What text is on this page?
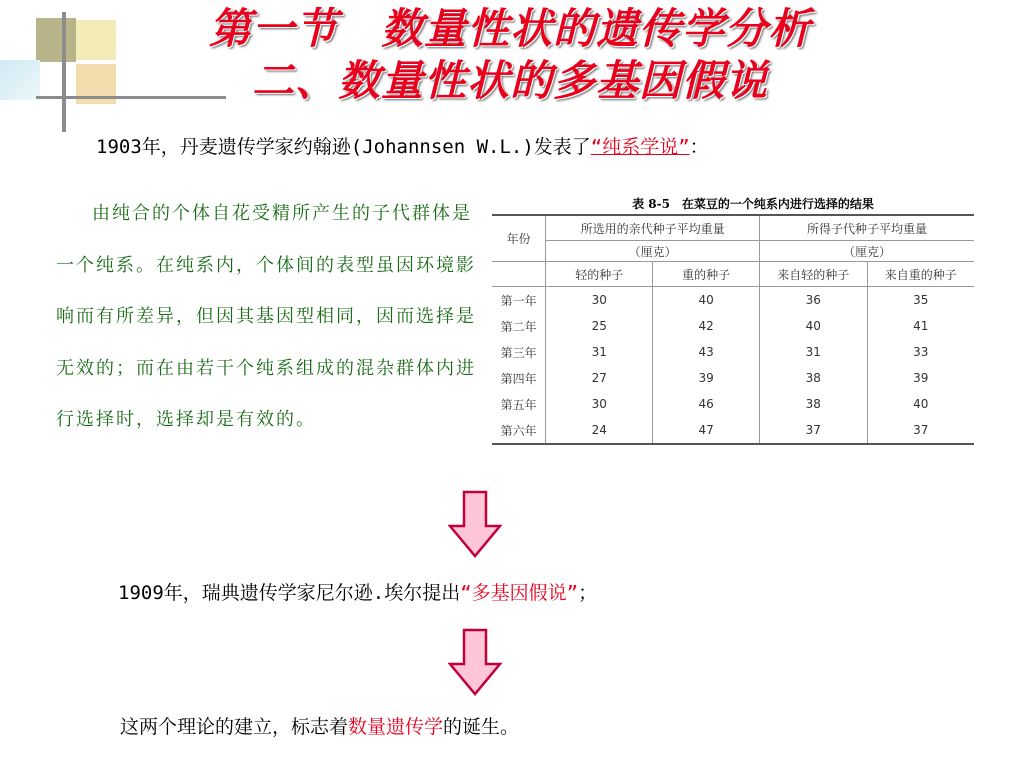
第一节　数量性状的遗传学分析
二、数量性状的多基因假说
1903年，丹麦遗传学家约翰逊(Johannsen W.L.)发表了“纯系学说”：
由纯合的个体自花受精所产生的子代群体是一个纯系。在纯系内，个体间的表型虽因环境影响而有所差异，但因其基因型相同，因而选择是无效的；而在由若干个纯系组成的混杂群体内进行选择时，选择却是有效的。
表 8-5　在菜豆的一个纯系内进行选择的结果
年份	所选用的亲代种子平均重量		所得子代种子平均重量	
	（厘克）		（厘克）	
	轻的种子	重的种子	来自轻的种子	来自重的种子
第一年	30	40	36	35
第二年	25	42	40	41
第三年	31	43	31	33
第四年	27	39	38	39
第五年	30	46	38	40
第六年	24	47	37	37
1909年，瑞典遗传学家尼尔逊.埃尔提出“多基因假说”；
这两个理论的建立，标志着数量遗传学的诞生。
